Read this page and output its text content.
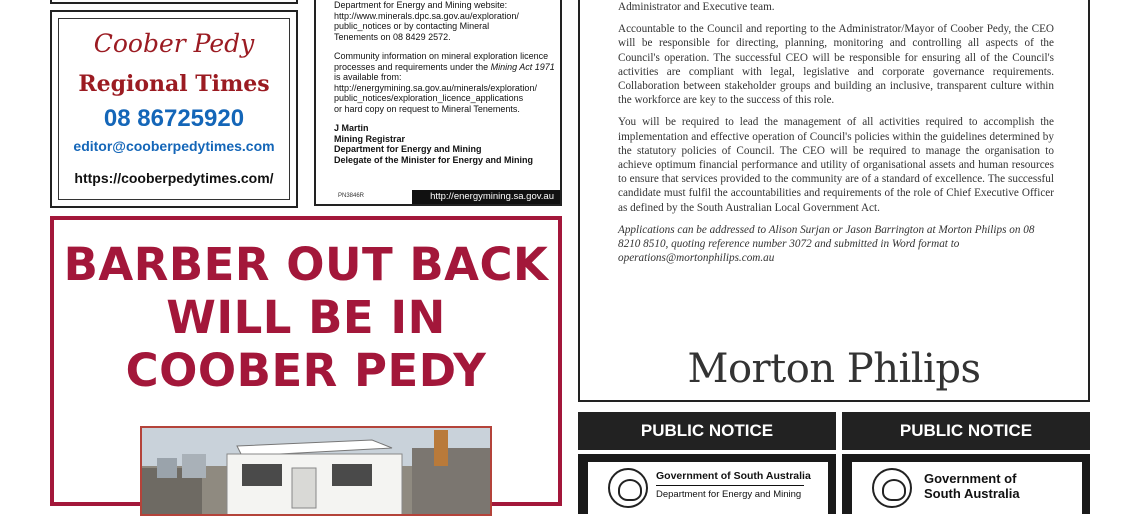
Coober Pedy
Regional Times
08 86725920
editor@cooberpedytimes.com
https://cooberpedytimes.com/

Department for Energy and Mining website:
http://www.minerals.dpc.sa.gov.au/exploration/
public_notices or by contacting Mineral
Tenements on 08 8429 2572.

Community information on mineral exploration licence processes and requirements under the Mining Act 1971 is available from:
http://energymining.sa.gov.au/minerals/exploration/
public_notices/exploration_licence_applications
or hard copy on request to Mineral Tenements.

J Martin
Mining Registrar
Department for Energy and Mining
Delegate of the Minister for Energy and Mining

PN3846R	http://energymining.sa.gov.au
BARBER OUT BACK
WILL BE IN
COOBER PEDY

Administrator and Executive team.

Accountable to the Council and reporting to the Administrator/Mayor of Coober Pedy, the CEO will be responsible for directing, planning, monitoring and controlling all aspects of the Council's operation. The successful CEO will be responsible for ensuring all of the Council's activities are compliant with legal, legislative and corporate governance requirements. Collaboration between stakeholder groups and building an inclusive, transparent culture within the workforce are key to the success of this role.

You will be required to lead the management of all activities required to accomplish the implementation and effective operation of Council's policies within the guidelines determined by the statutory policies of Council. The CEO will be required to manage the organisation to achieve optimum financial performance and utility of organisational assets and human resources to ensure that services provided to the community are of a standard of excellence. The successful candidate must fulfil the accountabilities and requirements of the role of Chief Executive Officer as defined by the South Australian Local Government Act.

Applications can be addressed to Alison Surjan or Jason Barrington at Morton Philips on 08 8210 8510, quoting reference number 3072 and submitted in Word format to operations@mortonphilips.com.au

Morton Philips
PUBLIC NOTICE
Government of South Australia
Department for Energy and Mining
PUBLIC NOTICE
Government of
South Australia
